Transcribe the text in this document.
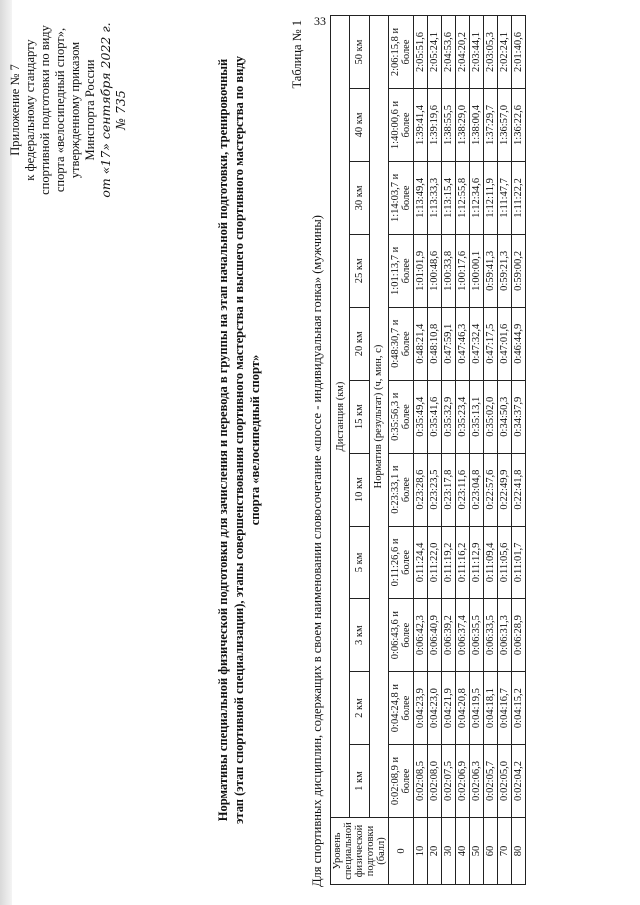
33
Приложение № 7 к федеральному стандарту спортивной подготовки по виду спорта «велосипедный спорт», утвержденному приказом Минспорта России от «17» сентября 2022 г. № 735	Нормативы специальной физической подготовки для зачисления и перевода в группы на этап начальной подготовки, тренировочный этап (этап спортивной специализации), этапы совершенствования спортивного мастерства и высшего спортивного мастерства по виду спорта «велосипедный спорт»
Таблица № 1
Для спортивных дисциплин, содержащих в своем наименовании словосочетание «шоссе - индивидуальная гонка» (мужчины) Уровень специальной физической подготовки (балл)	Дистанция (км)										
	1 км	2 км	3 км	5 км	10 км	15 км	20 км	25 км	30 км	40 км	50 км
	Норматив (результат) (ч, мин, с)										
0	0:02:08,9 и более	0:04:24,8 и более	0:06:43,6 и более	0:11:26,6 и более	0:23:33,1 и более	0:35:56,3 и более	0:48:30,7 и более	1:01:13,7 и более	1:14:03,7 и более	1:40:00,6 и более	2:06:15,8 и более
10	0:02:08,5	0:04:23,9	0:06:42,3	0:11:24,4	0:23:28,6	0:35:49,4	0:48:21,4	1:01:01,9	1:13:49,4	1:39:41,4	2:05:51,6
20	0:02:08,0	0:04:23,0	0:06:40,9	0:11:22,0	0:23:23,5	0:35:41,6	0:48:10,8	1:00:48,6	1:13:33,3	1:39:19,6	2:05:24,1
30	0:02:07,5	0:04:21,9	0:06:39,2	0:11:19,2	0:23:17,8	0:35:32,9	0:47:59,1	1:00:33,8	1:13:15,4	1:38:55,5	2:04:53,6
40	0:02:06,9	0:04:20,8	0:06:37,4	0:11:16,2	0:23:11,6	0:35:23,4	0:47:46,3	1:00:17,6	1:12:55,8	1:38:29,0	2:04:20,2
50	0:02:06,3	0:04:19,5	0:06:35,5	0:11:12,9	0:23:04,8	0:35:13,1	0:47:32,4	1:00:00,1	1:12:34,6	1:38:00,4	2:03:44,1
60	0:02:05,7	0:04:18,1	0:06:33,5	0:11:09,4	0:22:57,6	0:35:02,0	0:47:17,5	0:59:41,3	1:12:11,9	1:37:29,7	2:03:05,3
70	0:02:05,0	0:04:16,7	0:06:31,3	0:11:05,6	0:22:49,9	0:34:50,3	0:47:01,6	0:59:21,3	1:11:47,7	1:36:57,0	2:02:24,1
80	0:02:04,2	0:04:15,2	0:06:28,9	0:11:01,7	0:22:41,8	0:34:37,9	0:46:44,9	0:59:00,2	1:11:22,2	1:36:22,6	2:01:40,6
